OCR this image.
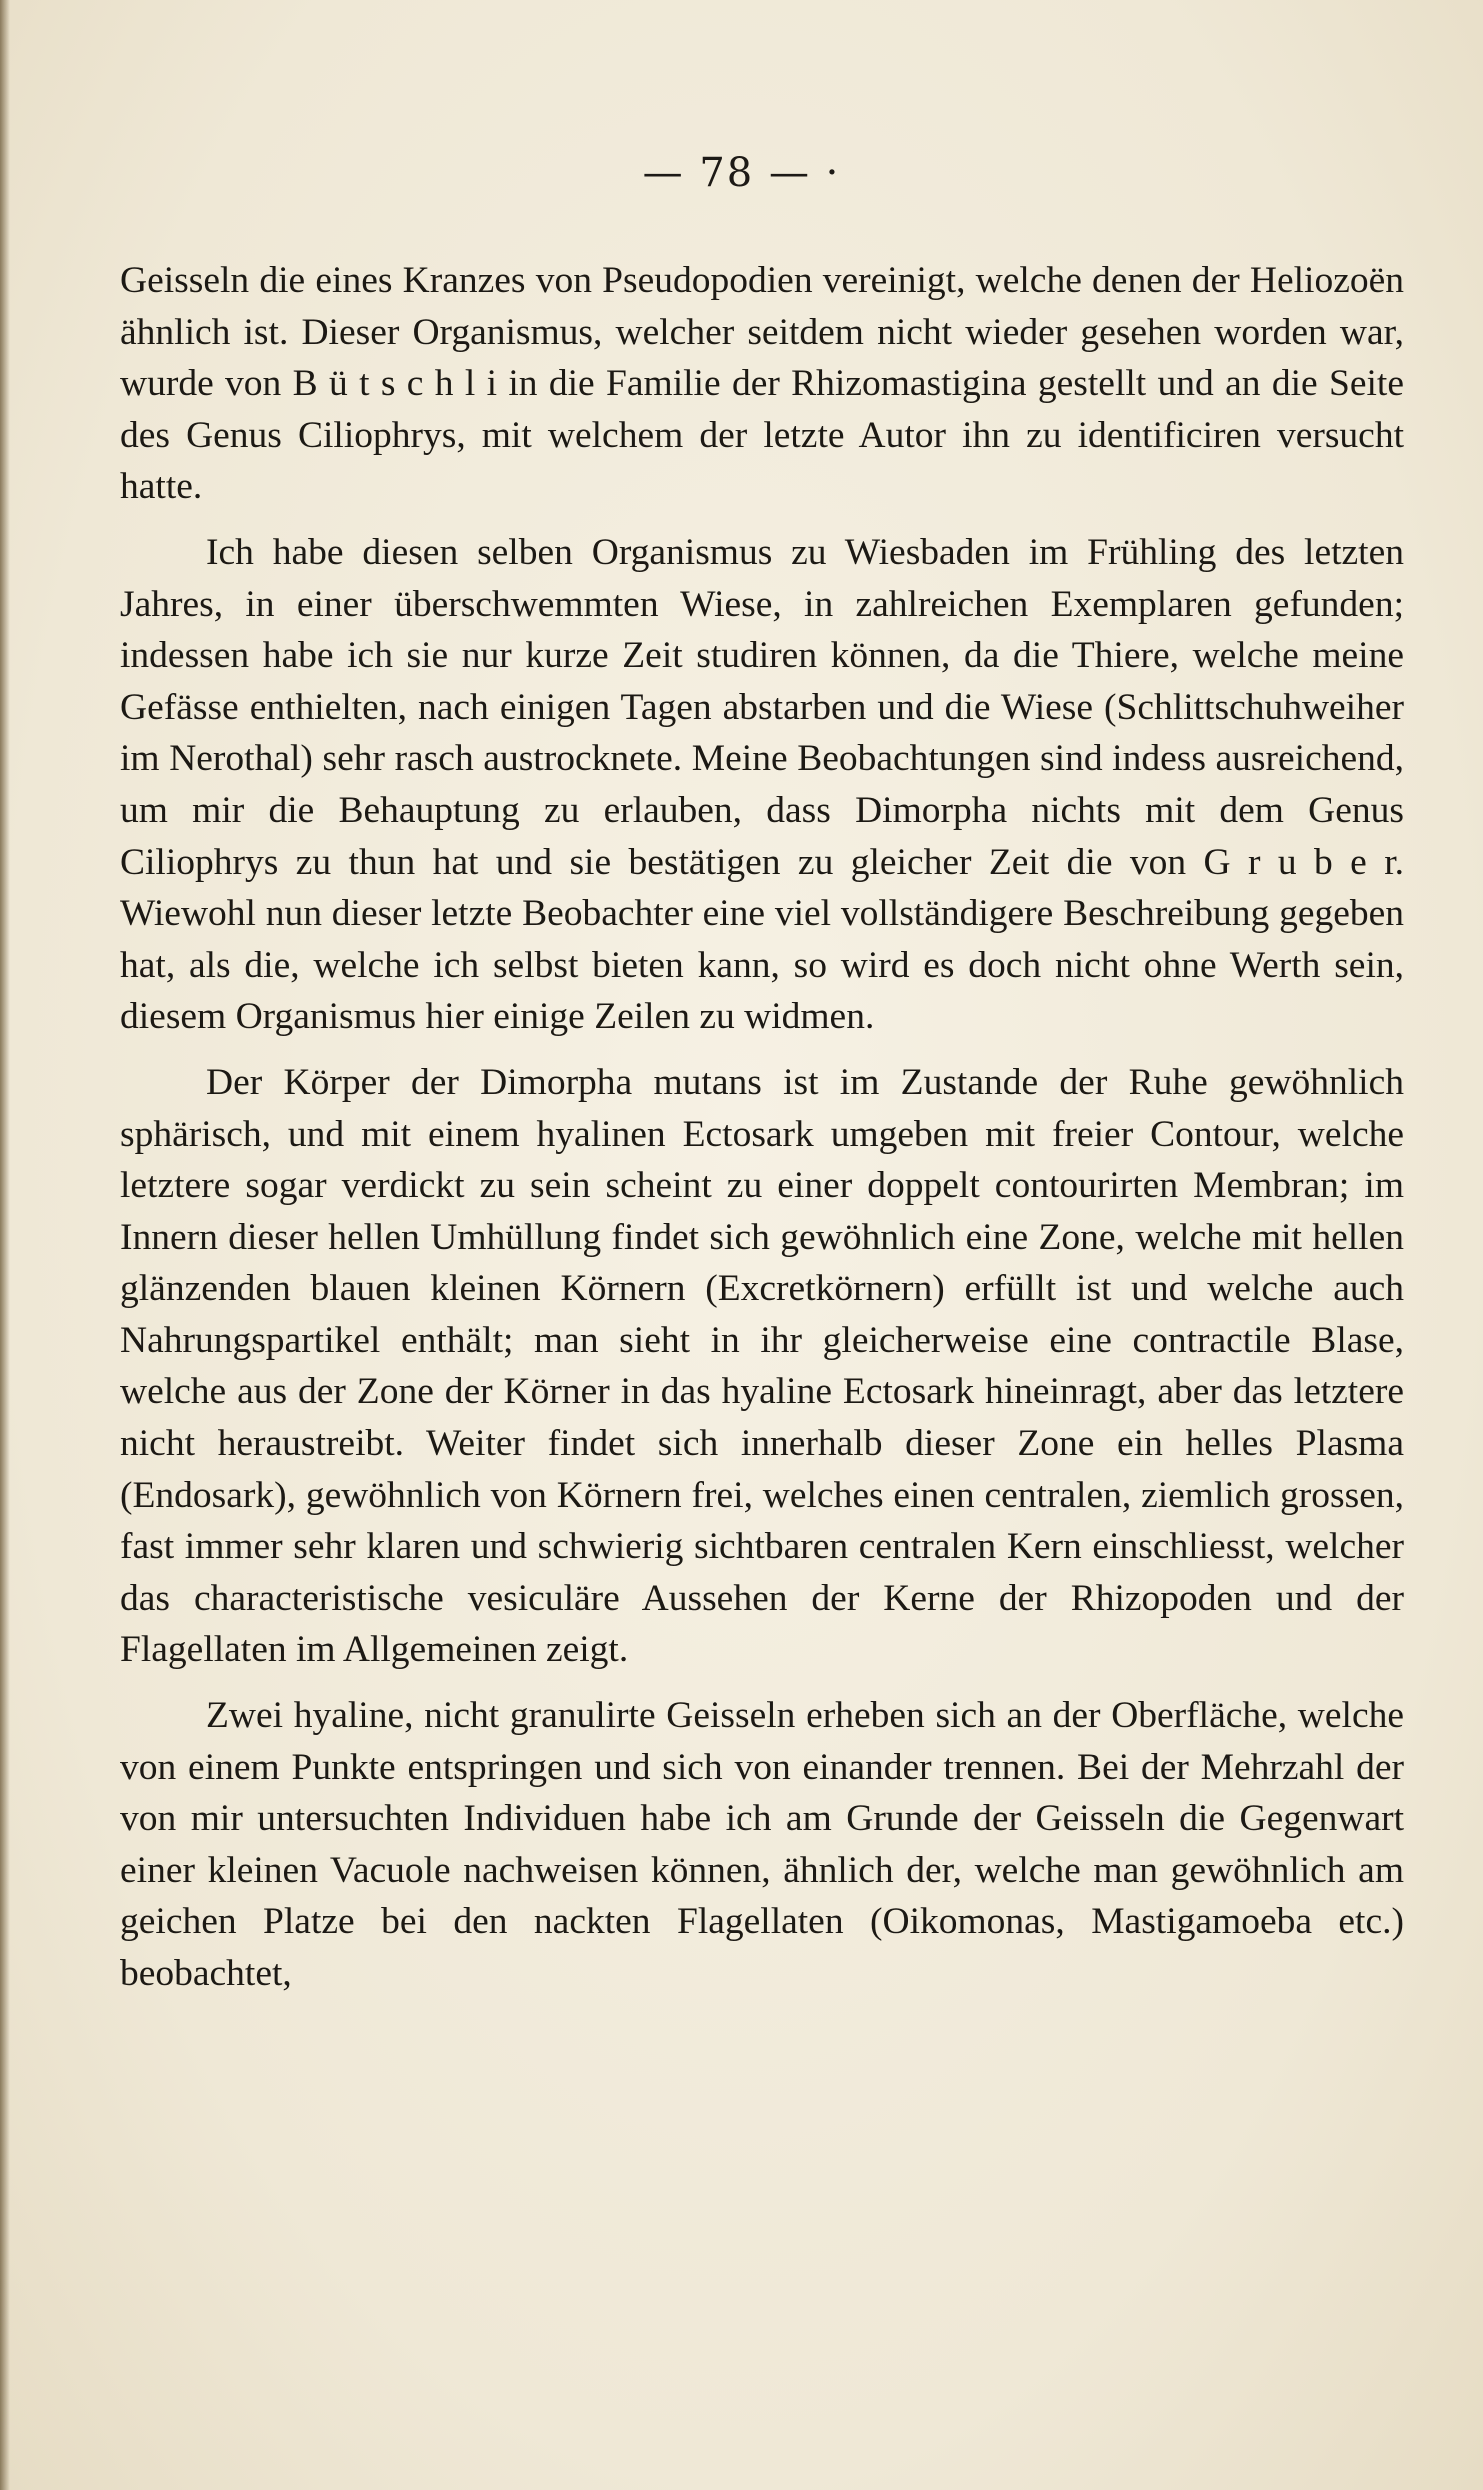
— 78 — ·

Geisseln die eines Kranzes von Pseudopodien vereinigt, welche denen der Heliozoën ähnlich ist. Dieser Organismus, welcher seitdem nicht wieder gesehen worden war, wurde von B ü t s c h l i in die Familie der Rhizomastigina gestellt und an die Seite des Genus Ciliophrys, mit welchem der letzte Autor ihn zu identificiren versucht hatte.

Ich habe diesen selben Organismus zu Wiesbaden im Frühling des letzten Jahres, in einer überschwemmten Wiese, in zahlreichen Exemplaren gefunden; indessen habe ich sie nur kurze Zeit studiren können, da die Thiere, welche meine Gefässe enthielten, nach einigen Tagen abstarben und die Wiese (Schlittschuhweiher im Nerothal) sehr rasch austrocknete. Meine Beobachtungen sind indess ausreichend, um mir die Behauptung zu erlauben, dass Dimorpha nichts mit dem Genus Ciliophrys zu thun hat und sie bestätigen zu gleicher Zeit die von G r u b e r. Wiewohl nun dieser letzte Beobachter eine viel vollständigere Beschreibung gegeben hat, als die, welche ich selbst bieten kann, so wird es doch nicht ohne Werth sein, diesem Organismus hier einige Zeilen zu widmen.

Der Körper der Dimorpha mutans ist im Zustande der Ruhe gewöhnlich sphärisch, und mit einem hyalinen Ectosark umgeben mit freier Contour, welche letztere sogar verdickt zu sein scheint zu einer doppelt contourirten Membran; im Innern dieser hellen Umhüllung findet sich gewöhnlich eine Zone, welche mit hellen glänzenden blauen kleinen Körnern (Excretkörnern) erfüllt ist und welche auch Nahrungspartikel enthält; man sieht in ihr gleicherweise eine contractile Blase, welche aus der Zone der Körner in das hyaline Ectosark hineinragt, aber das letztere nicht heraustreibt. Weiter findet sich innerhalb dieser Zone ein helles Plasma (Endosark), gewöhnlich von Körnern frei, welches einen centralen, ziemlich grossen, fast immer sehr klaren und schwierig sichtbaren centralen Kern einschliesst, welcher das characteristische vesiculäre Aussehen der Kerne der Rhizopoden und der Flagellaten im Allgemeinen zeigt.

Zwei hyaline, nicht granulirte Geisseln erheben sich an der Oberfläche, welche von einem Punkte entspringen und sich von einander trennen. Bei der Mehrzahl der von mir untersuchten Individuen habe ich am Grunde der Geisseln die Gegenwart einer kleinen Vacuole nachweisen können, ähnlich der, welche man gewöhnlich am geichen Platze bei den nackten Flagellaten (Oikomonas, Mastigamoeba etc.) beobachtet,
